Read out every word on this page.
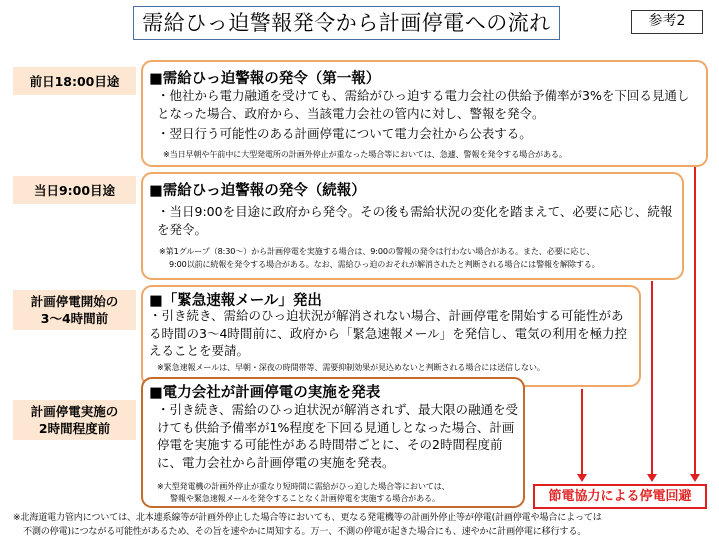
需給ひっ迫警報発令から計画停電への流れ	参考2
前日18:00目途 ■需給ひっ迫警報の発令（第一報）
・他社から電力融通を受けても、需給がひっ迫する電力会社の供給予備率が3%を下回る見通しとなった場合、政府から、当該電力会社の管内に対し、警報を発令。
・翌日行う可能性のある計画停電について電力会社から公表する。
※当日早朝や午前中に大型発電所の計画外停止が重なった場合等においては、急遽、警報を発令する場合がある。
当日9:00目途 ■需給ひっ迫警報の発令（続報）
・当日9:00を目途に政府から発令。その後も需給状況の変化を踏まえて、必要に応じ、続報を発令。
※第1グループ（8:30～）から計画停電を実施する場合は、9:00の警報の発令は行わない場合がある。また、必要に応じ、
9:00以前に続報を発令する場合がある。なお、需給ひっ迫のおそれが解消されたと判断される場合には警報を解除する。
計画停電開始の
3～4時間前
■「緊急速報メール」発出
・引き続き、需給のひっ迫状況が解消されない場合、計画停電を開始する可能性がある時間の3～4時間前に、政府から「緊急速報メール」を発信し、電気の利用を極力控えることを要請。
※緊急速報メールは、早朝・深夜の時間帯等、需要抑制効果が見込めないと判断される場合には送信しない。
計画停電実施の
2時間程度前
■電力会社が計画停電の実施を発表
・引き続き、需給のひっ迫状況が解消されず、最大限の融通を受けても供給予備率が1%程度を下回る見通しとなった場合、計画停電を実施する可能性がある時間帯ごとに、その2時間程度前に、電力会社から計画停電の実施を発表。
※大型発電機の計画外停止が重なり短時間に需給がひっ迫した場合等においては、
警報や緊急速報メールを発令することなく計画停電を実施する場合がある。	節電協力による停電回避
※北海道電力管内については、北本連系線等が計画外停止した場合等においても、更なる発電機等の計画外停止等が停電(計画停電や場合によっては
不測の停電)につながる可能性があるため、その旨を速やかに周知する。万一、不測の停電が起きた場合にも、速やかに計画停電に移行する。
